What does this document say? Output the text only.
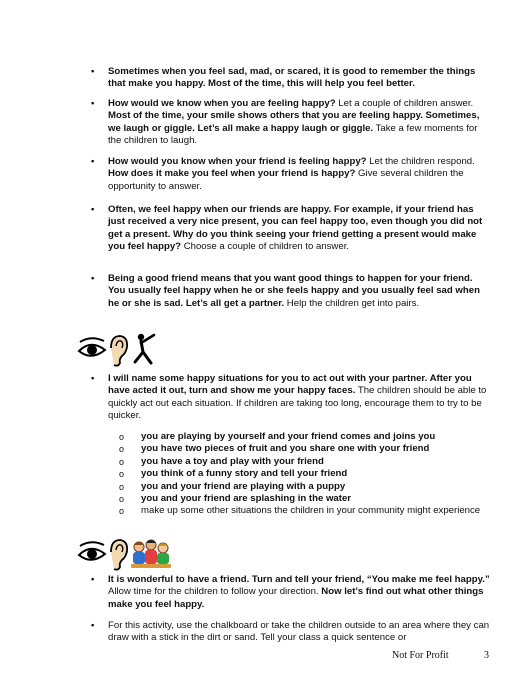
• Sometimes when you feel sad, mad, or scared, it is good to remember the things that make you happy. Most of the time, this will help you feel better.
• How would we know when you are feeling happy? Let a couple of children answer. Most of the time, your smile shows others that you are feeling happy. Sometimes, we laugh or giggle. Let’s all make a happy laugh or giggle. Take a few moments for the children to laugh.
• How would you know when your friend is feeling happy? Let the children respond. How does it make you feel when your friend is happy? Give several children the opportunity to answer.
• Often, we feel happy when our friends are happy. For example, if your friend has just received a very nice present, you can feel happy too, even though you did not get a present. Why do you think seeing your friend getting a present would make you feel happy? Choose a couple of children to answer.
• Being a good friend means that you want good things to happen for your friend. You usually feel happy when he or she feels happy and you usually feel sad when he or she is sad. Let’s all get a partner. Help the children get into pairs.
• I will name some happy situations for you to act out with your partner. After you have acted it out, turn and show me your happy faces. The children should be able to quickly act out each situation. If children are taking too long, encourage them to try to be quicker.
o you are playing by yourself and your friend comes and joins you
o you have two pieces of fruit and you share one with your friend
o you have a toy and play with your friend
o you think of a funny story and tell your friend
o you and your friend are playing with a puppy
o you and your friend are splashing in the water
o make up some other situations the children in your community might experience
• It is wonderful to have a friend. Turn and tell your friend, “You make me feel happy.” Allow time for the children to follow your direction. Now let’s find out what other things make you feel happy.
• For this activity, use the chalkboard or take the children outside to an area where they can draw with a stick in the dirt or sand. Tell your class a quick sentence or
Not For Profit	3
